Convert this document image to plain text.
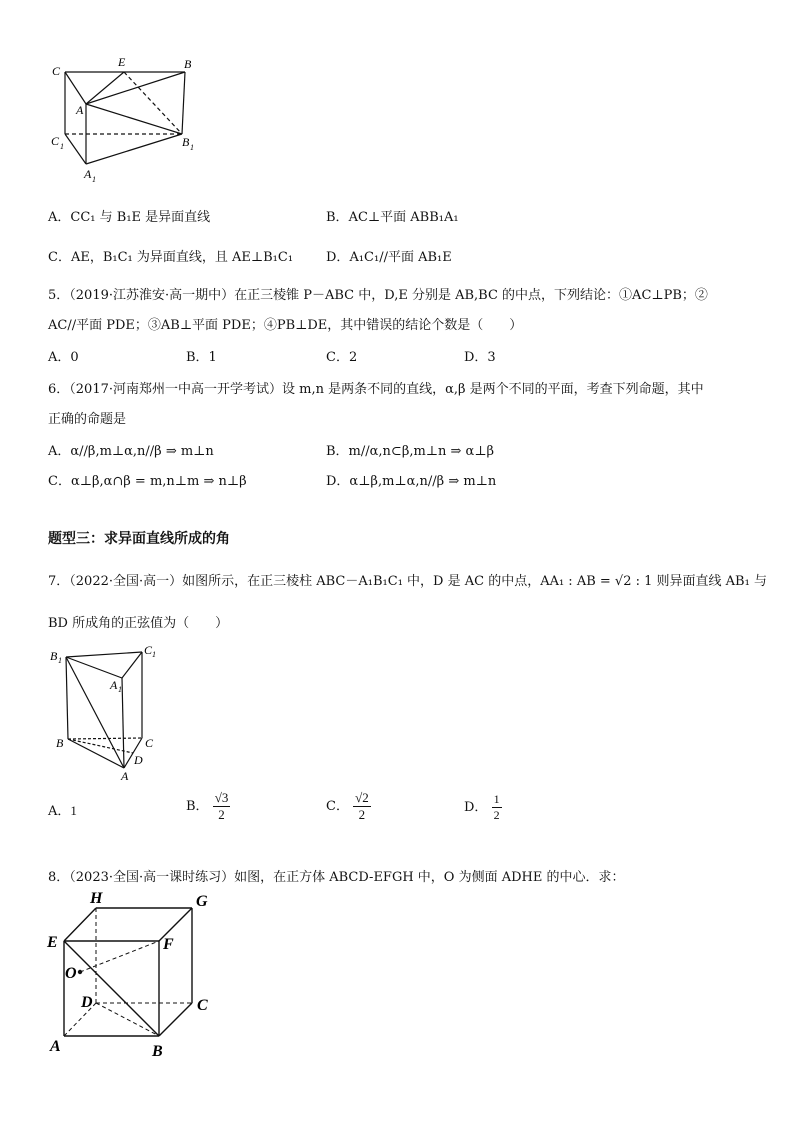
C
E	B
A
C 1	B 1
A 1
A．CC₁ 与 B₁E 是异面直线	B．AC⊥平面 ABB₁A₁
C．AE，B₁C₁ 为异面直线，且 AE⊥B₁C₁	D．A₁C₁//平面 AB₁E
5．（2019·江苏淮安·高一期中）在正三棱锥 P－ABC 中，D,E 分别是 AB,BC 的中点，下列结论：①AC⊥PB；②
AC//平面 PDE；③AB⊥平面 PDE；④PB⊥DE，其中错误的结论个数是（　　）
A．0	B．1	C．2	D．3
6．（2017·河南郑州一中高一开学考试）设 m,n 是两条不同的直线，α,β 是两个不同的平面，考查下列命题，其中
正确的命题是
A．α//β,m⊥α,n//β ⇒ m⊥n	B．m//α,n⊂β,m⊥n ⇒ α⊥β
C．α⊥β,α∩β = m,n⊥m ⇒ n⊥β	D．α⊥β,m⊥α,n//β ⇒ m⊥n
题型三：求异面直线所成的角
7．（2022·全国·高一）如图所示，在正三棱柱 ABC－A₁B₁C₁ 中，D 是 AC 的中点，AA₁ : AB = √2 : 1 则异面直线 AB₁ 与
BD 所成角的正弦值为（　　）
B 1
C 1
A 1
B	C
D
A
A．1	B． $\frac{√3}{2}$	C． $\frac{√2}{2}$	D． $\frac{1}{2}$
8．（2023·全国·高一课时练习）如图，在正方体 ABCD-EFGH 中，O 为侧面 ADHE 的中心．求：
H	G
E	F
O
D	C
A	B
